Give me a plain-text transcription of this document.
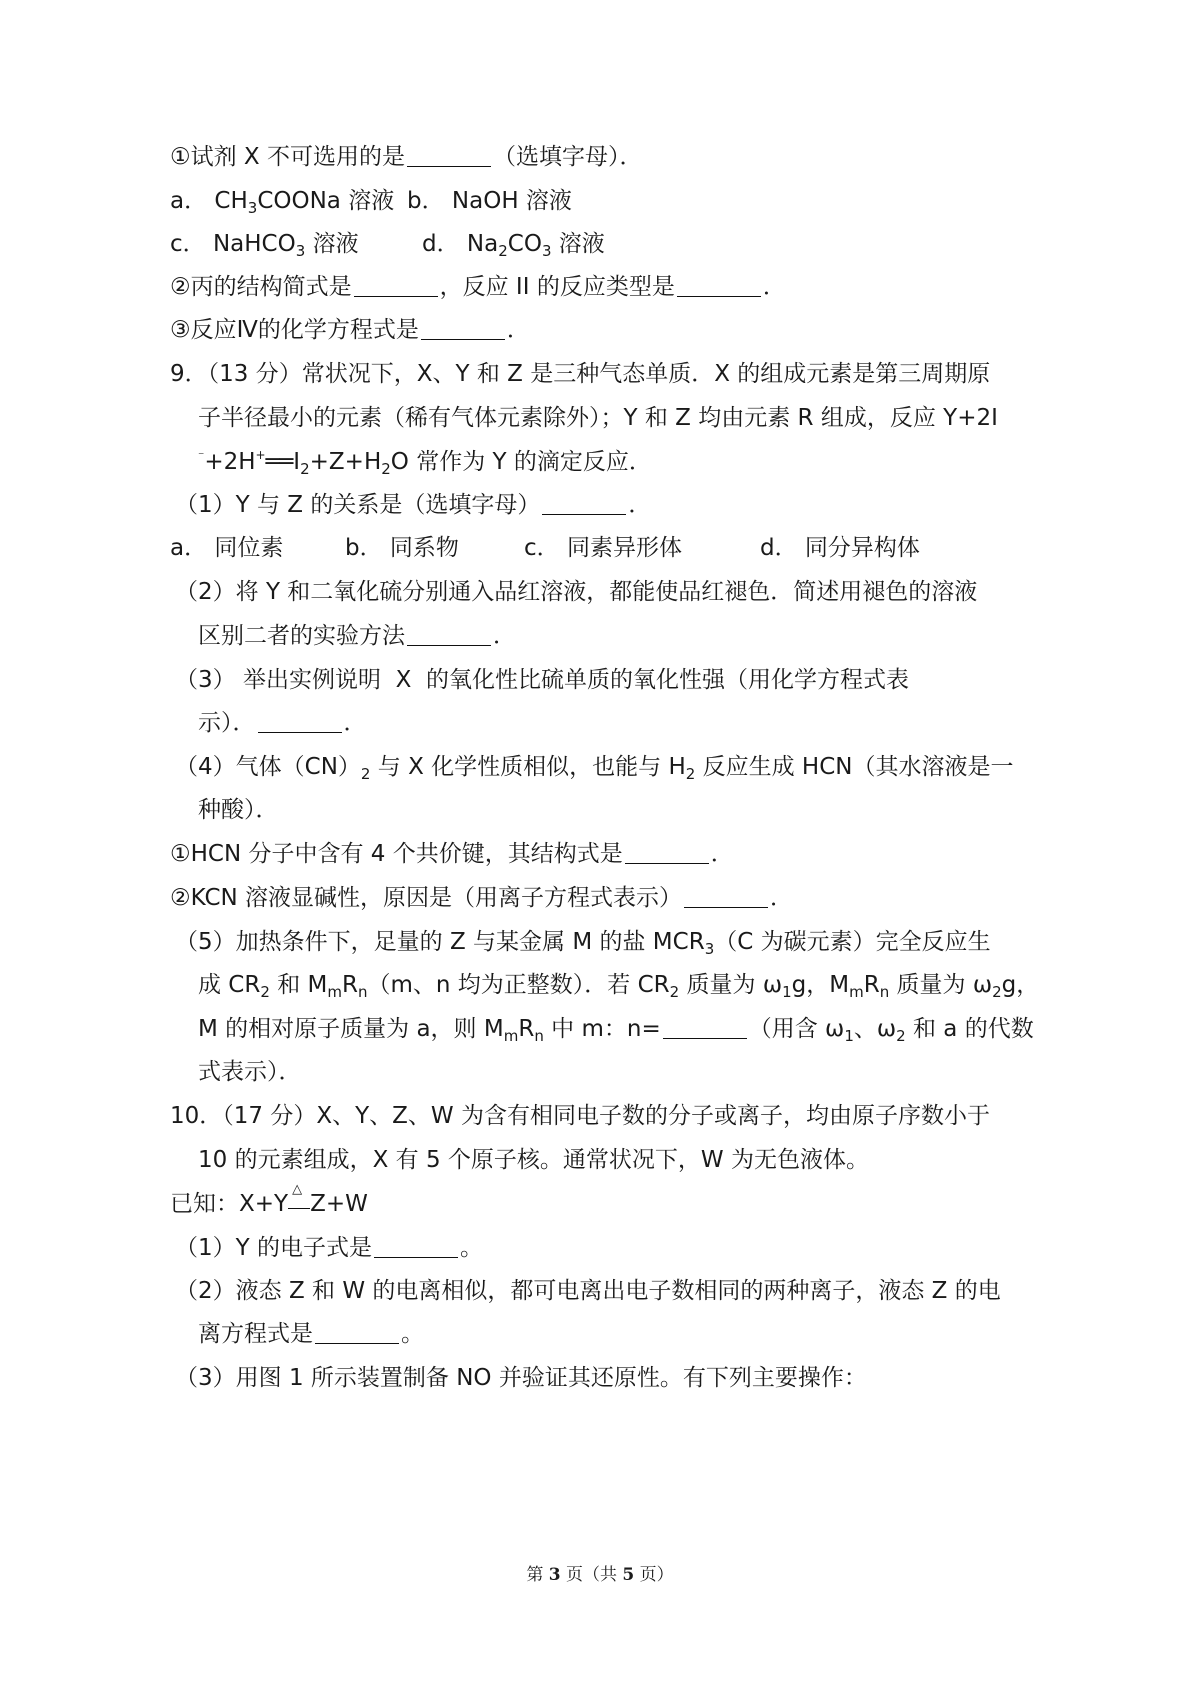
①试剂 X 不可选用的是	（选填字母）．
a． $CH_3COONa$ 溶液 b． NaOH 溶液
c． NaHCO$_3$ 溶液	d． $Na_2CO_3$ 溶液
②丙的结构简式是	，反应 II 的反应类型是	．
③反应Ⅳ的化学方程式是	．
9．（13 分）常状况下，X、Y 和 Z 是三种气态单质．X 的组成元素是第三周期原
子半径最小的元素（稀有气体元素除外）；Y 和 Z 均由元素 R 组成，反应 Y+2I
$^{^-}+2H^+══I_2+Z+H_2O$ 常作为 Y 的滴定反应．
（1）Y 与 Z 的关系是（选填字母）	．
a． 同位素	b． 同系物	c． 同素异形体	d． 同分异构体
（2）将 Y 和二氧化硫分别通入品红溶液，都能使品红褪色．简述用褪色的溶液
区别二者的实验方法	．
（3） 举出实例说明  X  的氧化性比硫单质的氧化性强（用化学方程式表
示）．	．
（4）气体$(CN)_2$ 与 X 化学性质相似，也能与 $H_2$ 反应生成 HCN（其水溶液是一
种酸）．
①HCN 分子中含有 4 个共价键，其结构式是	．
②KCN 溶液显碱性，原因是（用离子方程式表示）	．
（5）加热条件下，足量的 Z 与某金属 M 的盐 $MCR_3(C$ 为碳元素）完全反应生
成 $CR_2$ 和 $M_mR_n(m$、n 均为正整数）．若 $CR_2$ 质量为 $\omega_1g$，$M_mR_n$ 质量为 $\omega_2g$，
M 的相对原子质量为 a，则 $M_mR_n$ 中 m：n=	（用含 $\omega_1$、$\omega_2$ 和 a 的代数
式表示）．
10．（17 分）X、Y、Z、W 为含有相同电子数的分子或离子，均由原子序数小于
10 的元素组成，X 有 5 个原子核。通常状况下，W 为无色液体。
已知：X+Y
△
Z+W
（1）Y 的电子式是	。
（2）液态 Z 和 W 的电离相似，都可电离出电子数相同的两种离子，液态 Z 的电
离方程式是	。
（3）用图 1 所示装置制备 NO 并验证其还原性。有下列主要操作：
第 3 页（共 5 页）
